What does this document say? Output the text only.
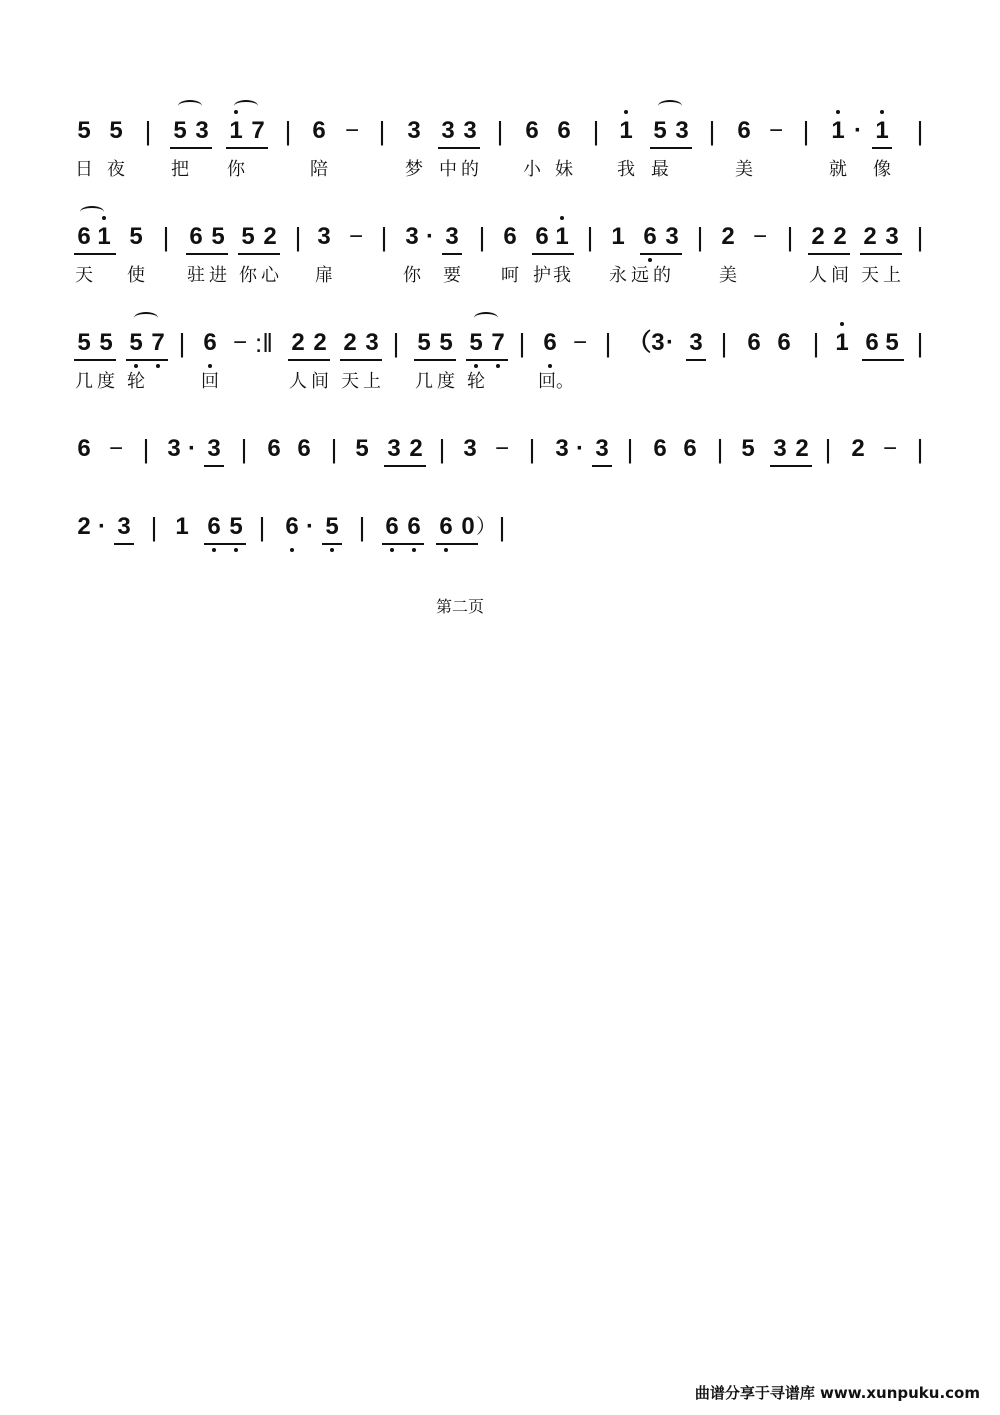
5 5 | 5 3 1 7 | 6 − | 3 3 3 | 6 6 | 1 5 3 | 6 − | 1 · 1 |
日 夜	把 你	陪	梦 中 的 小 妹 我 最	美	就 像
6 1 5 | 6 5 5 2 | 3 − | 3 · 3 | 6 6 1 | 1 6 3 | 2 − | 2 2 2 3 |
天 使 驻 进 你 心 扉	你 要 呵 护 我 永 远 的	美	人 间 天 上
5 5 5 7 | 6 − :‖ 2 2 2 3 | 5 5 5 7 | 6 − | （3 · 3 | 6 6 | 1 6 5 |
几 度 轮	回	人 间 天 上 几 度 轮	回。
6 − | 3 · 3 | 6 6 | 5 3 2 | 3 − | 3 · 3 | 6 6 | 5 3 2 | 2 − |
2 · 3 | 1 6 5 | 6 · 5 | 6 6 6 0 ） |
第二页
曲谱分享于寻谱库 www.xunpuku.com
